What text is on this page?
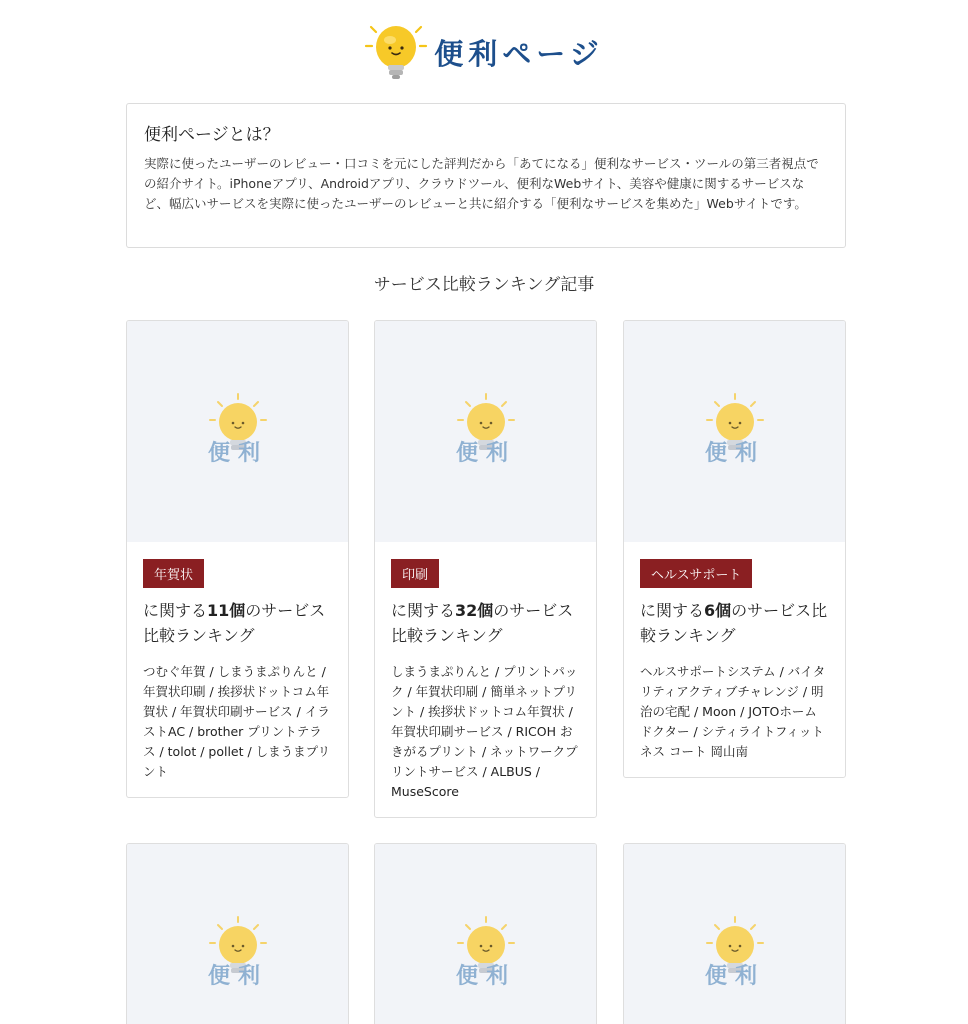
便利ページ
便利ページとは？
実際に使ったユーザーのレビュー・口コミを元にした評判だから「あてになる」便利なサービス・ツールの第三者視点での紹介サイト。iPhoneアプリ、Androidアプリ、クラウドツール、便利なWebサイト、美容や健康に関するサービスなど、幅広いサービスを実際に使ったユーザーのレビューと共に紹介する「便利なサービスを集めた」Webサイトです。
サービス比較ランキング記事
便利
年賀状
に関する11個のサービス比較ランキング
つむぐ年賀 / しまうまぷりんと / 年賀状印刷 / 挨拶状ドットコム年賀状 / 年賀状印刷サービス / イラストAC / brother プリントテラス / tolot / pollet / しまうまプリント
便利
印刷
に関する32個のサービス比較ランキング
しまうまぷりんと / プリントパック / 年賀状印刷 / 簡単ネットプリント / 挨拶状ドットコム年賀状 / 年賀状印刷サービス / RICOH おきがるプリント / ネットワークプリントサービス / ALBUS / MuseScore
便利
ヘルスサポート
に関する6個のサービス比較ランキング
ヘルスサポートシステム / バイタリティアクティブチャレンジ / 明治の宅配 / Moon / JOTOホームドクター / シティライトフィットネス コート 岡山南
便利	便利	便利
